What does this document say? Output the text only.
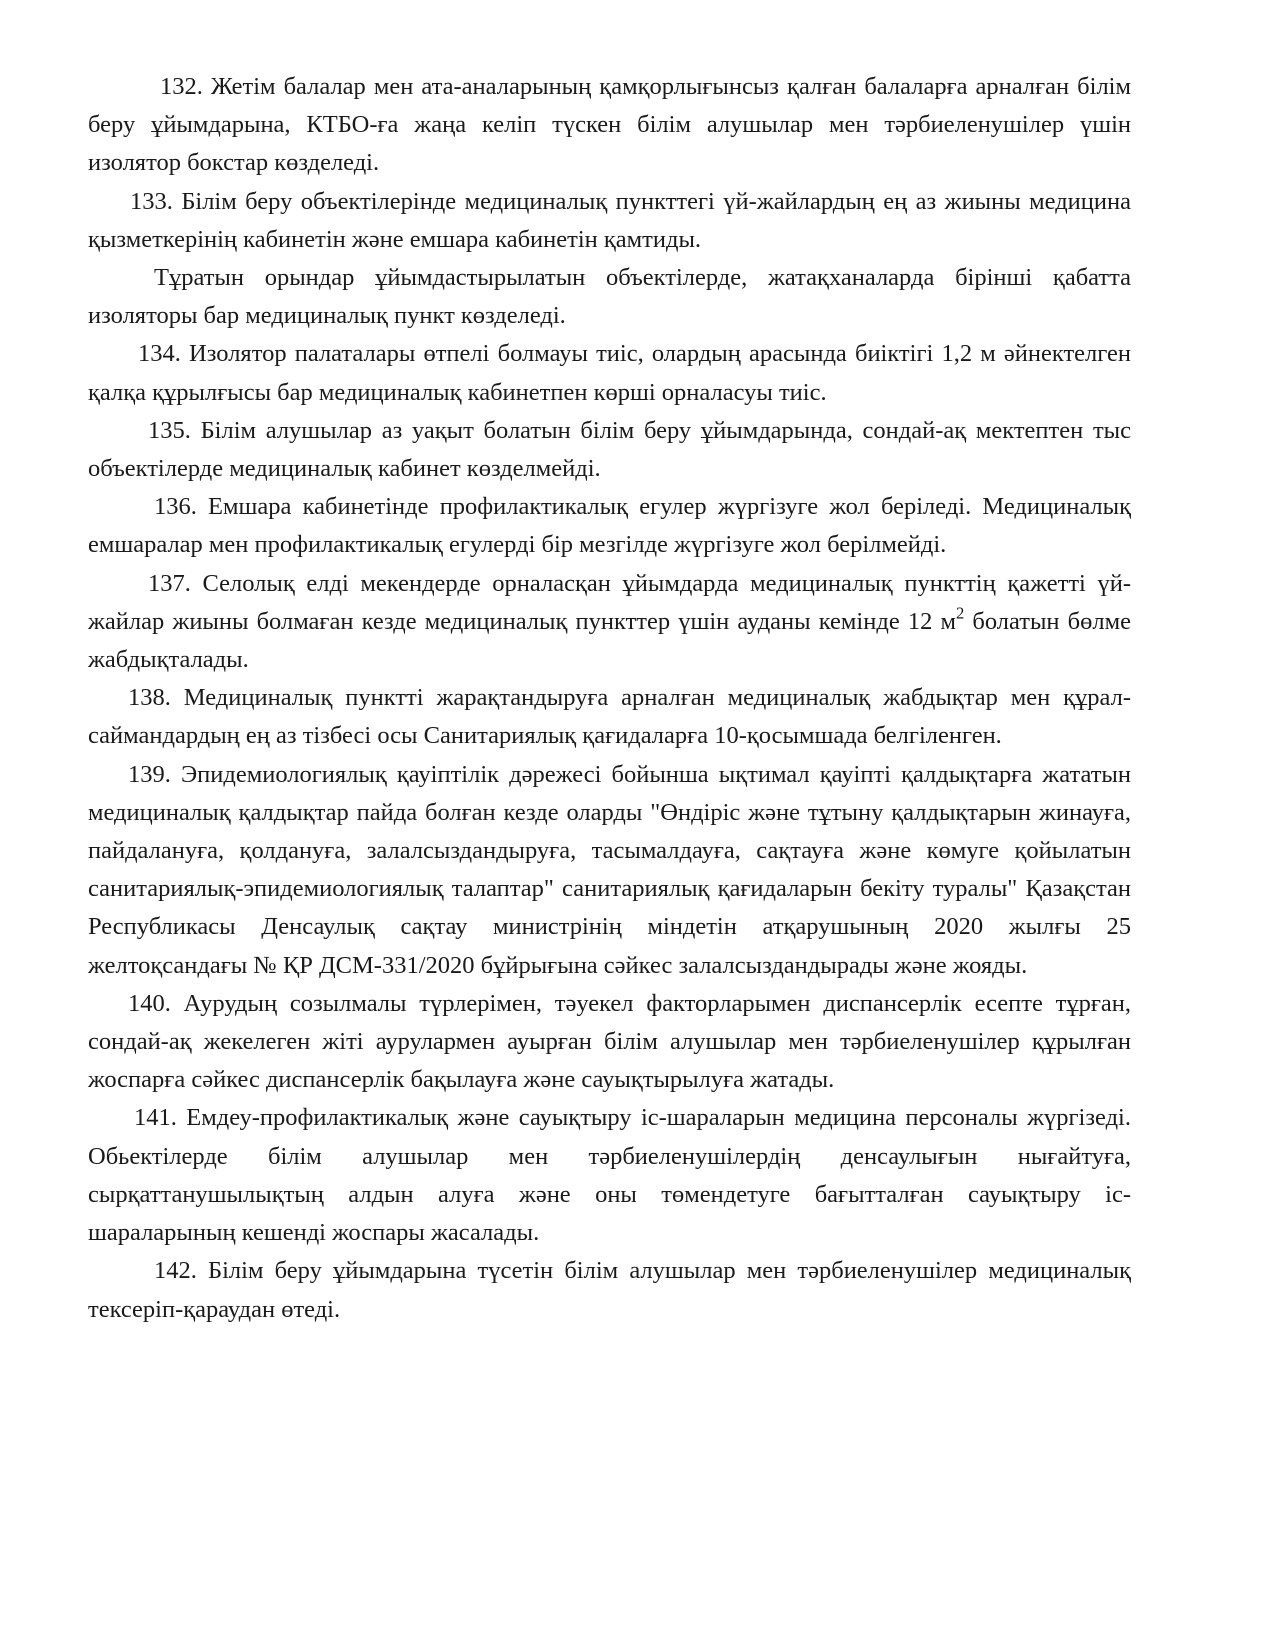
132. Жетім балалар мен ата-аналарының қамқорлығынсыз қалған балаларға арналған білім беру ұйымдарына, КТБО-ға жаңа келіп түскен білім алушылар мен тәрбиеленушілер үшін изолятор бокстар көзделеді.

133. Білім беру объектілерінде медициналық пункттегі үй-жайлардың ең аз жиыны медицина қызметкерінің кабинетін және емшара кабинетін қамтиды.

Тұратын орындар ұйымдастырылатын объектілерде, жатақханаларда бірінші қабатта изоляторы бар медициналық пункт көзделеді.

134. Изолятор палаталары өтпелі болмауы тиіс, олардың арасында биіктігі 1,2 м әйнектелген қалқа құрылғысы бар медициналық кабинетпен көрші орналасуы тиіс.

135. Білім алушылар аз уақыт болатын білім беру ұйымдарында, сондай-ақ мектептен тыс объектілерде медициналық кабинет көзделмейді.

136. Емшара кабинетінде профилактикалық егулер жүргізуге жол беріледі. Медициналық емшаралар мен профилактикалық егулерді бір мезгілде жүргізуге жол берілмейді.

137. Селолық елді мекендерде орналасқан ұйымдарда медициналық пункттің қажетті үй-жайлар жиыны болмаған кезде медициналық пункттер үшін ауданы кемінде 12 $м^2$ болатын бөлме жабдықталады.

138. Медициналық пунктті жарақтандыруға арналған медициналық жабдықтар мен құрал-саймандардың ең аз тізбесі осы Санитариялық қағидаларға 10-қосымшада белгіленген.

139. Эпидемиологиялық қауіптілік дәрежесі бойынша ықтимал қауіпті қалдықтарға жататын медициналық қалдықтар пайда болған кезде оларды "Өндіріс және тұтыну қалдықтарын жинауға, пайдалануға, қолдануға, залалсыздандыруға, тасымалдауға, сақтауға және көмуге қойылатын санитариялық-эпидемиологиялық талаптар" санитариялық қағидаларын бекіту туралы" Қазақстан Республикасы Денсаулық сақтау министрінің міндетін атқарушының 2020 жылғы 25 желтоқсандағы № ҚР ДСМ-331/2020 бұйрығына сәйкес залалсыздандырады және жояды.

140. Аурудың созылмалы түрлерімен, тәуекел факторларымен диспансерлік есепте тұрған, сондай-ақ жекелеген жіті аурулармен ауырған білім алушылар мен тәрбиеленушілер құрылған жоспарға сәйкес диспансерлік бақылауға және сауықтырылуға жатады.

141. Емдеу-профилактикалық және сауықтыру іс-шараларын медицина персоналы жүргізеді. Обьектілерде білім алушылар мен тәрбиеленушілердің денсаулығын нығайтуға, сырқаттанушылықтың алдын алуға және оны төмендетуге бағытталған сауықтыру іс-шараларының кешенді жоспары жасалады.

142. Білім беру ұйымдарына түсетін білім алушылар мен тәрбиеленушілер медициналық тексеріп-қараудан өтеді.
